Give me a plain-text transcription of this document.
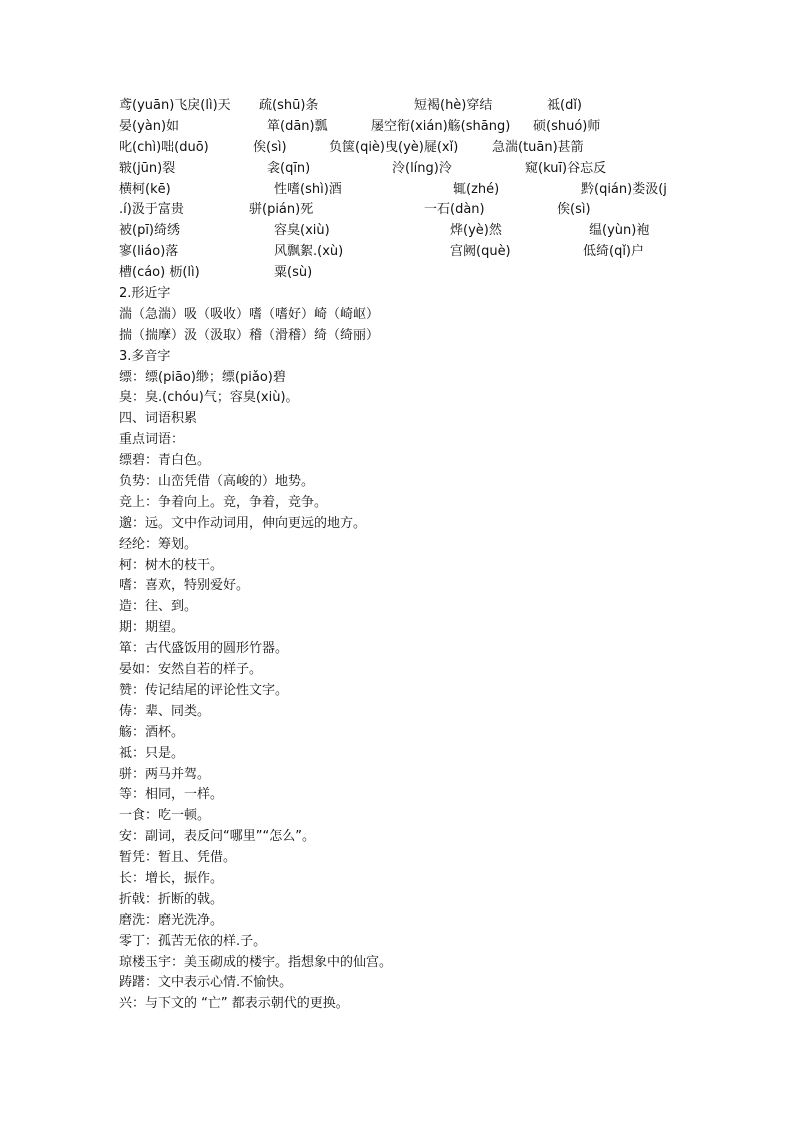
鸢(yuān)飞戾(lì)天 疏(shū)条	短褐(hè)穿结	祗(dǐ)
晏(yàn)如	箪(dān)瓢	屡空衔(xián)觞(shāng) 硕(shuó)师
叱(chì)咄(duō)	俟(sì)	负箧(qiè)曳(yè)屣(xǐ)	急湍(tuān)甚箭
皲(jūn)裂	衾(qīn)	泠(líng)泠	窥(kuī)谷忘反
横柯(kē)	性嗜(shì)酒	辄(zhé)	黔(qián)娄汲(j
.í)汲于富贵	骈(pián)死	一石(dàn)	俟(sì)
被(pī)绮绣	容臭(xiù)	烨(yè)然	缊(yùn)袍
寥(liáo)落	风飘絮.(xù)	宫阙(què)	低绮(qǐ)户
槽(cáo) 枥(lì)	粟(sù)
2.形近字
湍（急湍）吸（吸收）嗜（嗜好）崎（崎岖）
揣（揣摩）汲（汲取）稽（滑稽）绮（绮丽）
3.多音字
缥：缥(piāo)缈；缥(piǎo)碧
臭：臭.(chóu)气；容臭(xiù)。
四、词语积累
重点词语：
缥碧：青白色。
负势：山峦凭借（高峻的）地势。
竞上：争着向上。竞，争着，竞争。
邈：远。文中作动词用，伸向更远的地方。
经纶：筹划。
柯：树木的枝干。
嗜：喜欢，特别爱好。
造：往、到。
期：期望。
箪：古代盛饭用的圆形竹器。
晏如：安然自若的样子。
赞：传记结尾的评论性文字。
俦：辈、同类。
觞：酒杯。
祗：只是。
骈：两马并驾。
等：相同，一样。
一食：吃一顿。
安：副词，表反问“哪里”“怎么”。
暂凭：暂且、凭借。
长：增长，振作。
折戟：折断的戟。
磨洗：磨光洗净。
零丁：孤苦无依的样.子。
琼楼玉宇：美玉砌成的楼宇。指想象中的仙宫。
踌躇：文中表示心情.不愉快。
兴：与下文的 “亡” 都表示朝代的更换。
